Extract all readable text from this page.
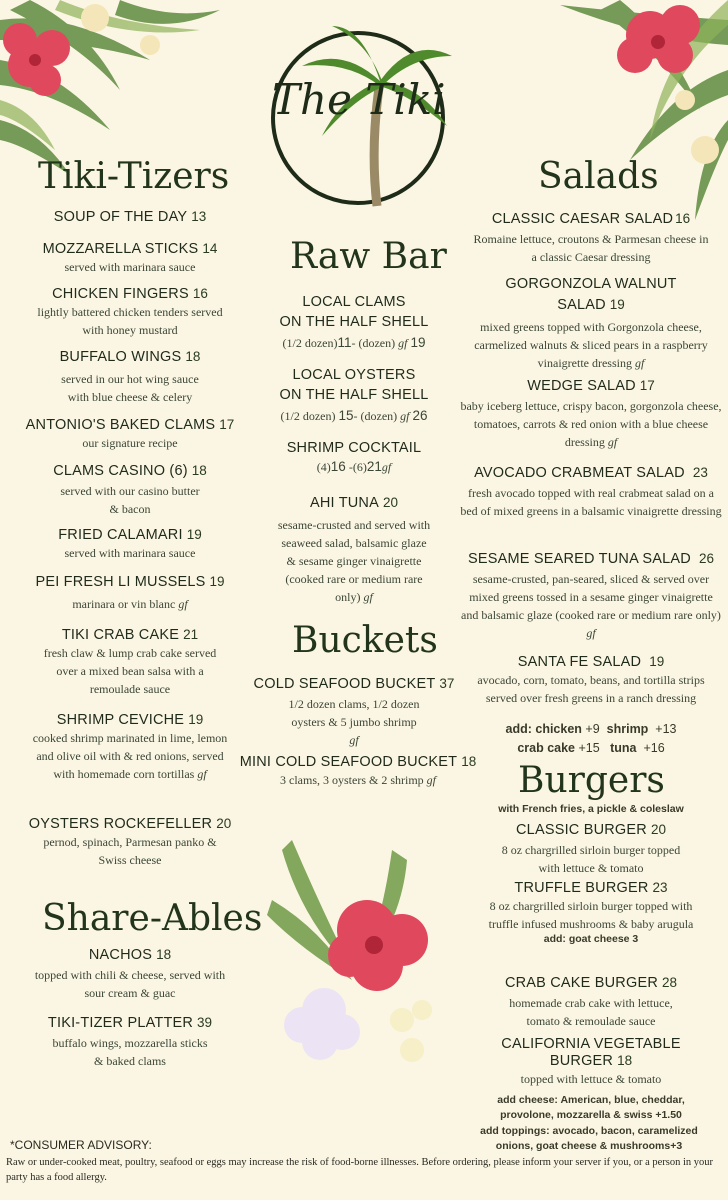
The Tiki
Tiki-Tizers
SOUP OF THE DAY 13
MOZZARELLA STICKS 14
served with marinara sauce
CHICKEN FINGERS 16
lightly battered chicken tenders served with honey mustard
BUFFALO WINGS 18
served in our hot wing sauce with blue cheese & celery
ANTONIO'S BAKED CLAMS 17
our signature recipe
CLAMS CASINO (6) 18
served with our casino butter & bacon
FRIED CALAMARI 19
served with marinara sauce
PEI FRESH LI MUSSELS 19
marinara or vin blanc gf
TIKI CRAB CAKE 21
fresh claw & lump crab cake served over a mixed bean salsa with a remoulade sauce
SHRIMP CEVICHE 19
cooked shrimp marinated in lime, lemon and olive oil with & red onions, served with homemade corn tortillas gf
OYSTERS ROCKEFELLER 20
pernod, spinach, Parmesan panko & Swiss cheese
Share-Ables
NACHOS 18
topped with chili & cheese, served with sour cream & guac
TIKI-TIZER PLATTER 39
buffalo wings, mozzarella sticks & baked clams
Raw Bar
LOCAL CLAMS
ON THE HALF SHELL
(1/2 dozen)11- (dozen) gf 19
LOCAL OYSTERS
ON THE HALF SHELL
(1/2 dozen) 15- (dozen) gf 26
SHRIMP COCKTAIL
(4)16 -(6)21gf
AHI TUNA 20
sesame-crusted and served with seaweed salad, balsamic glaze & sesame ginger vinaigrette (cooked rare or medium rare only) gf
Buckets
COLD SEAFOOD BUCKET 37
1/2 dozen clams, 1/2 dozen oysters & 5 jumbo shrimp gf
MINI COLD SEAFOOD BUCKET 18
3 clams, 3 oysters & 2 shrimp gf
Salads
CLASSIC CAESAR SALAD 16
Romaine lettuce, croutons & Parmesan cheese in a classic Caesar dressing
GORGONZOLA WALNUT
SALAD 19
mixed greens topped with Gorgonzola cheese, carmelized walnuts & sliced pears in a raspberry vinaigrette dressing gf
WEDGE SALAD 17
baby iceberg lettuce, crispy bacon, gorgonzola cheese, tomatoes, carrots & red onion with a blue cheese dressing gf
AVOCADO CRABMEAT SALAD 23
fresh avocado topped with real crabmeat salad on a bed of mixed greens in a balsamic vinaigrette dressing
SESAME SEARED TUNA SALAD 26
sesame-crusted, pan-seared, sliced & served over mixed greens tossed in a sesame ginger vinaigrette and balsamic glaze (cooked rare or medium rare only) gf
SANTA FE SALAD 19
avocado, corn, tomato, beans, and tortilla strips served over fresh greens in a ranch dressing
add: chicken +9 shrimp +13
crab cake +15 tuna +16
Burgers
with French fries, a pickle & coleslaw
CLASSIC BURGER 20
8 oz chargrilled sirloin burger topped with lettuce & tomato
TRUFFLE BURGER 23
8 oz chargrilled sirloin burger topped with truffle infused mushrooms & baby arugula
add: goat cheese 3
CRAB CAKE BURGER 28
homemade crab cake with lettuce, tomato & remoulade sauce
CALIFORNIA VEGETABLE
BURGER 18
topped with lettuce & tomato
add cheese: American, blue, cheddar,
provolone, mozzarella & swiss +1.50
add toppings: avocado, bacon, caramelized
onions, goat cheese & mushrooms+3
*CONSUMER ADVISORY:
Raw or under-cooked meat, poultry, seafood or eggs may increase the risk of food-borne illnesses. Before ordering, please inform your server if you, or a person in your party has a food allergy.
